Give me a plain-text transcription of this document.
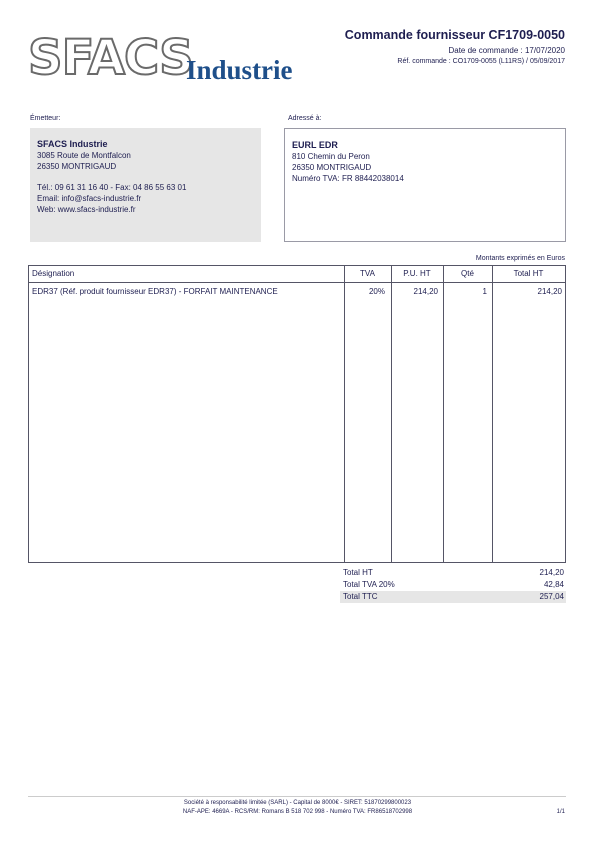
SFACS
Industrie
Commande fournisseur CF1709-0050
Date de commande : 17/07/2020
Réf. commande : CO1709-0055 (L11RS) / 05/09/2017
Émetteur:
SFACS Industrie
3085 Route de Montfalcon
26350 MONTRIGAUD
Tél.: 09 61 31 16 40 - Fax: 04 86 55 63 01
Email: info@sfacs-industrie.fr
Web: www.sfacs-industrie.fr
Adressé à:
EURL EDR
810 Chemin du Peron
26350 MONTRIGAUD
Numéro TVA: FR 88442038014
Montants exprimés en Euros
Désignation	TVA	P.U. HT	Qté	Total HT
EDR37 (Réf. produit fournisseur EDR37) - FORFAIT MAINTENANCE	20%	214,20	1	214,20
Total HT	214,20
Total TVA 20%	42,84
Total TTC	257,04
Société à responsabilité limitée (SARL) - Capital de 8000€ - SIRET: 51870299800023
NAF-APE: 4669A - RCS/RM: Romans B 518 702 998 - Numéro TVA: FR86518702998	1/1
